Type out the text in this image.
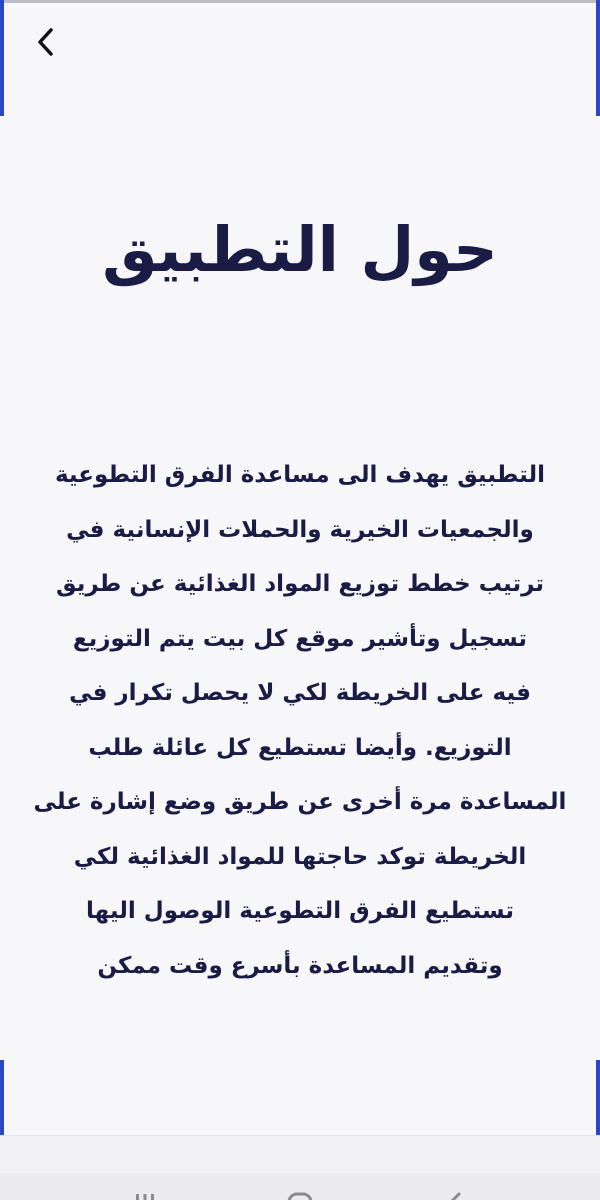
حول التطبيق
التطبيق يهدف الى مساعدة الفرق التطوعية
والجمعيات الخيرية والحملات الإنسانية في
ترتيب خطط توزيع المواد الغذائية عن طريق
تسجيل وتأشير موقع كل بيت يتم التوزيع
فيه على الخريطة لكي لا يحصل تكرار في
التوزيع. وأيضا تستطيع كل عائلة طلب
المساعدة مرة أخرى عن طريق وضع إشارة على
الخريطة توكد حاجتها للمواد الغذائية لكي
تستطيع الفرق التطوعية الوصول اليها
وتقديم المساعدة بأسرع وقت ممكن
